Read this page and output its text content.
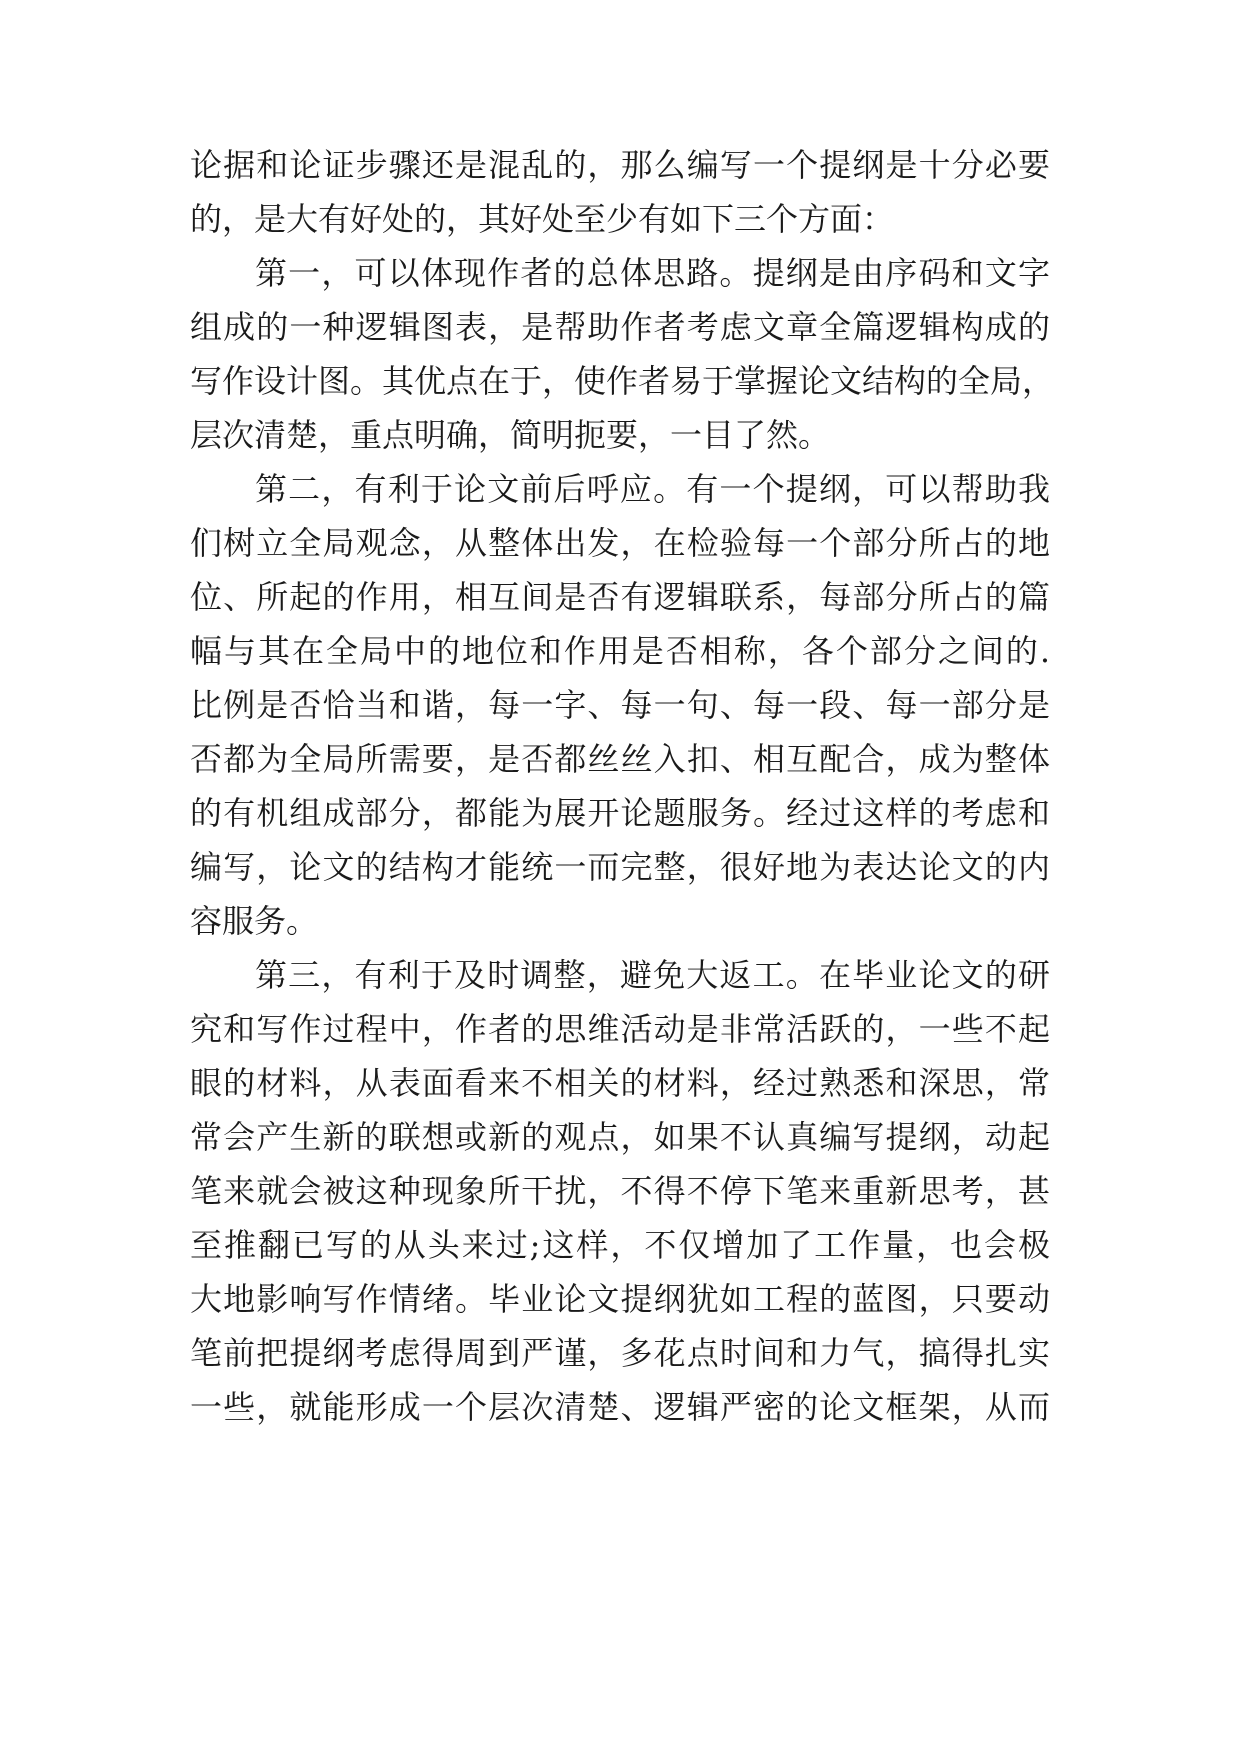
论据和论证步骤还是混乱的，那么编写一个提纲是十分必要
的，是大有好处的，其好处至少有如下三个方面：
第一，可以体现作者的总体思路。提纲是由序码和文字
组成的一种逻辑图表，是帮助作者考虑文章全篇逻辑构成的
写作设计图。其优点在于，使作者易于掌握论文结构的全局，
层次清楚，重点明确，简明扼要，一目了然。
第二，有利于论文前后呼应。有一个提纲，可以帮助我
们树立全局观念，从整体出发，在检验每一个部分所占的地
位、所起的作用，相互间是否有逻辑联系，每部分所占的篇
幅与其在全局中的地位和作用是否相称，各个部分之间的.
比例是否恰当和谐，每一字、每一句、每一段、每一部分是
否都为全局所需要，是否都丝丝入扣、相互配合，成为整体
的有机组成部分，都能为展开论题服务。经过这样的考虑和
编写，论文的结构才能统一而完整，很好地为表达论文的内
容服务。
第三，有利于及时调整，避免大返工。在毕业论文的研
究和写作过程中，作者的思维活动是非常活跃的，一些不起
眼的材料，从表面看来不相关的材料，经过熟悉和深思，常
常会产生新的联想或新的观点，如果不认真编写提纲，动起
笔来就会被这种现象所干扰，不得不停下笔来重新思考，甚
至推翻已写的从头来过;这样，不仅增加了工作量，也会极
大地影响写作情绪。毕业论文提纲犹如工程的蓝图，只要动
笔前把提纲考虑得周到严谨，多花点时间和力气，搞得扎实
一些，就能形成一个层次清楚、逻辑严密的论文框架，从而
